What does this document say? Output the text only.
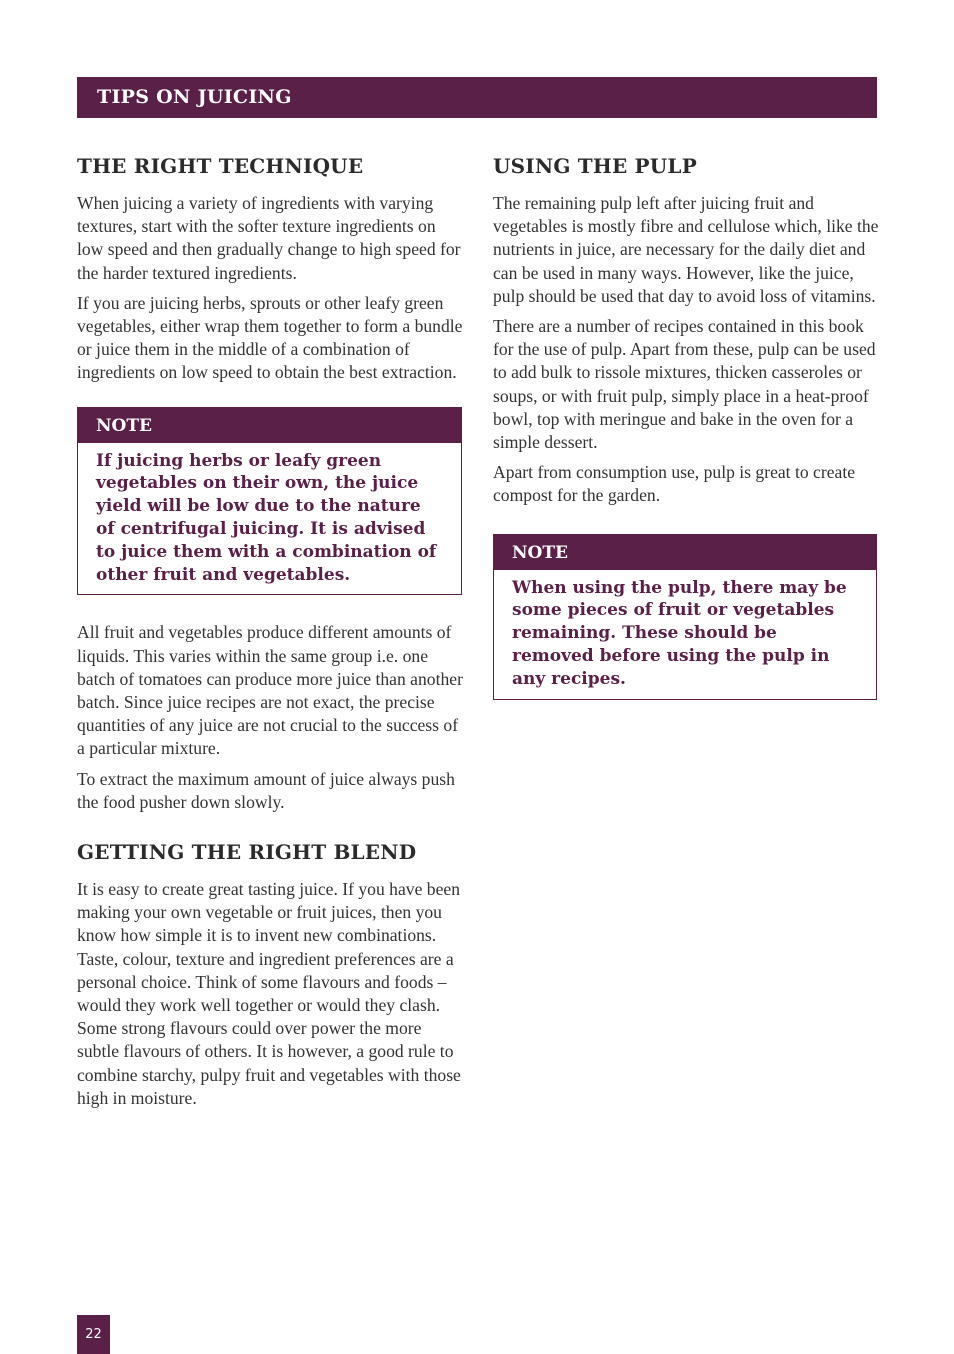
TIPS ON JUICING
THE RIGHT TECHNIQUE

When juicing a variety of ingredients with varying textures, start with the softer texture ingredients on low speed and then gradually change to high speed for the harder textured ingredients.

If you are juicing herbs, sprouts or other leafy green vegetables, either wrap them together to form a bundle or juice them in the middle of a combination of ingredients on low speed to obtain the best extraction.

NOTE
If juicing herbs or leafy green vegetables on their own, the juice yield will be low due to the nature of centrifugal juicing. It is advised to juice them with a combination of other fruit and vegetables.

All fruit and vegetables produce different amounts of liquids. This varies within the same group i.e. one batch of tomatoes can produce more juice than another batch. Since juice recipes are not exact, the precise quantities of any juice are not crucial to the success of a particular mixture.

To extract the maximum amount of juice always push the food pusher down slowly.

GETTING THE RIGHT BLEND

It is easy to create great tasting juice. If you have been making your own vegetable or fruit juices, then you know how simple it is to invent new combinations. Taste, colour, texture and ingredient preferences are a personal choice. Think of some flavours and foods – would they work well together or would they clash. Some strong flavours could over power the more subtle flavours of others. It is however, a good rule to combine starchy, pulpy fruit and vegetables with those high in moisture.

USING THE PULP

The remaining pulp left after juicing fruit and vegetables is mostly fibre and cellulose which, like the nutrients in juice, are necessary for the daily diet and can be used in many ways. However, like the juice, pulp should be used that day to avoid loss of vitamins.

There are a number of recipes contained in this book for the use of pulp. Apart from these, pulp can be used to add bulk to rissole mixtures, thicken casseroles or soups, or with fruit pulp, simply place in a heat-proof bowl, top with meringue and bake in the oven for a simple dessert.

Apart from consumption use, pulp is great to create compost for the garden.

NOTE
When using the pulp, there may be some pieces of fruit or vegetables remaining. These should be removed before using the pulp in any recipes.
22
